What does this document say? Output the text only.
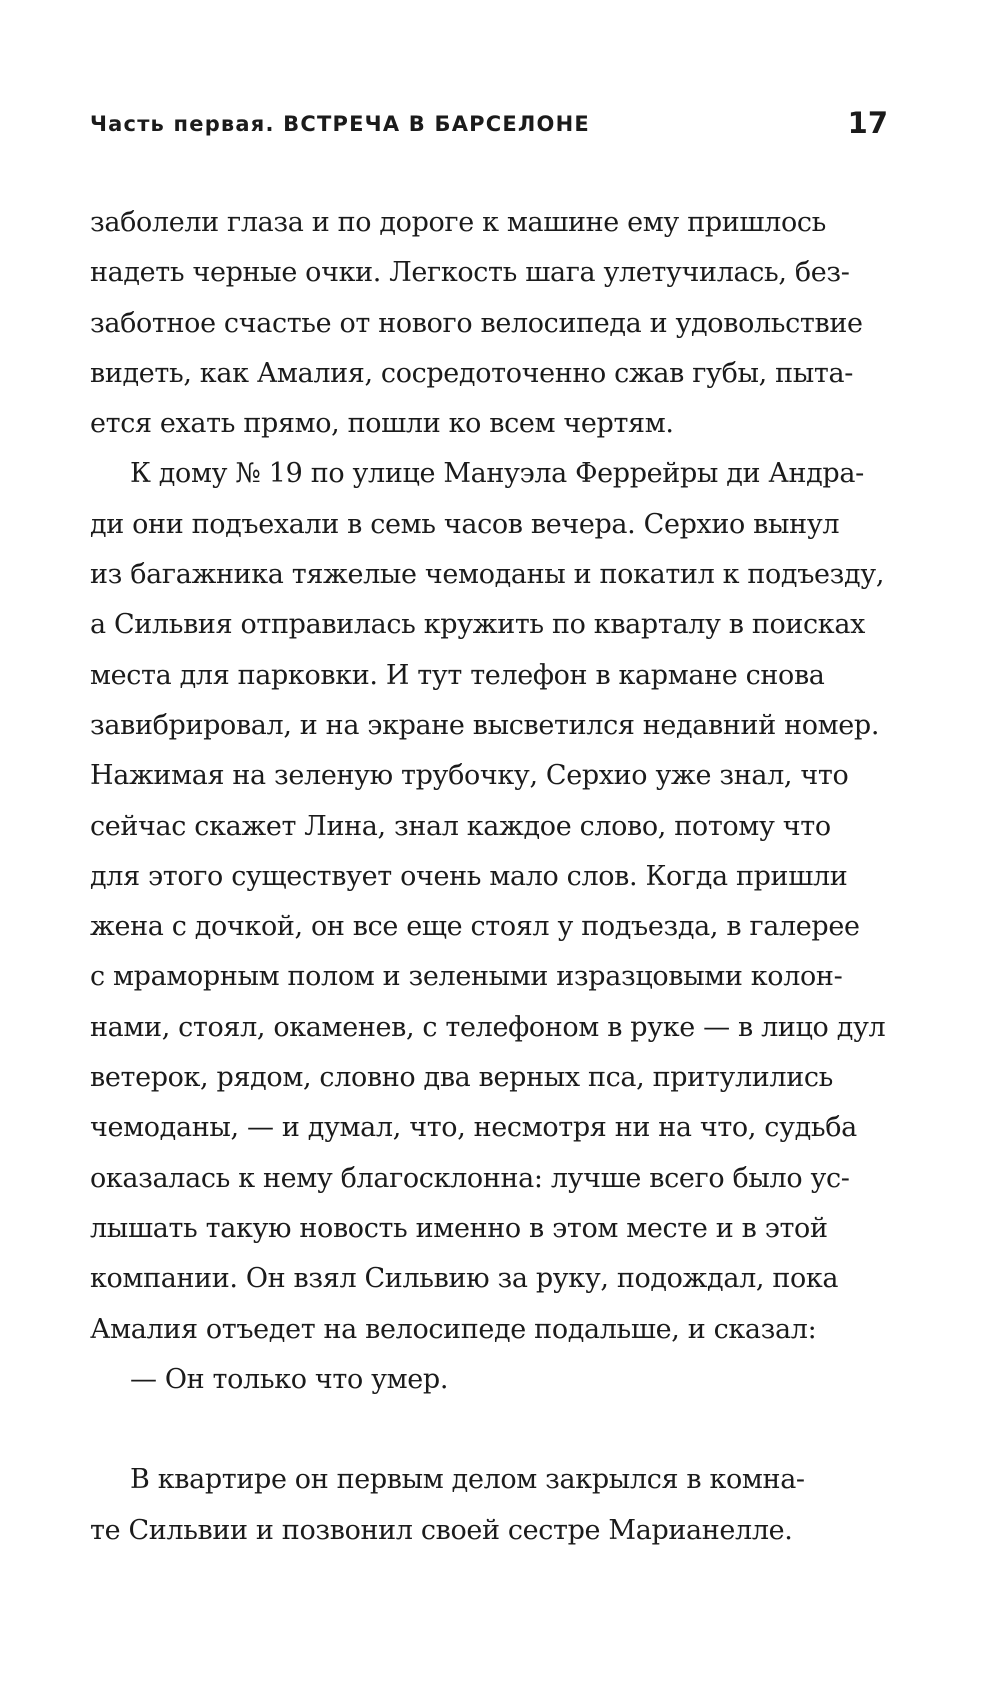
Часть первая. ВСТРЕЧА В БАРСЕЛОНЕ	17
заболели глаза и по дороге к машине ему пришлось
надеть черные очки. Легкость шага улетучилась, без-
заботное счастье от нового велосипеда и удовольствие
видеть, как Амалия, сосредоточенно сжав губы, пыта-
ется ехать прямо, пошли ко всем чертям.
К дому № 19 по улице Мануэла Феррейры ди Андра-
ди они подъехали в семь часов вечера. Серхио вынул
из багажника тяжелые чемоданы и покатил к подъезду,
а Сильвия отправилась кружить по кварталу в поисках
места для парковки. И тут телефон в кармане снова
завибрировал, и на экране высветился недавний номер.
Нажимая на зеленую трубочку, Серхио уже знал, что
сейчас скажет Лина, знал каждое слово, потому что
для этого существует очень мало слов. Когда пришли
жена с дочкой, он все еще стоял у подъезда, в галерее
с мраморным полом и зелеными изразцовыми колон-
нами, стоял, окаменев, с телефоном в руке — в лицо дул
ветерок, рядом, словно два верных пса, притулились
чемоданы, — и думал, что, несмотря ни на что, судьба
оказалась к нему благосклонна: лучше всего было ус-
лышать такую новость именно в этом месте и в этой
компании. Он взял Сильвию за руку, подождал, пока
Амалия отъедет на велосипеде подальше, и сказал:
— Он только что умер.
В квартире он первым делом закрылся в комна-
те Сильвии и позвонил своей сестре Марианелле.
